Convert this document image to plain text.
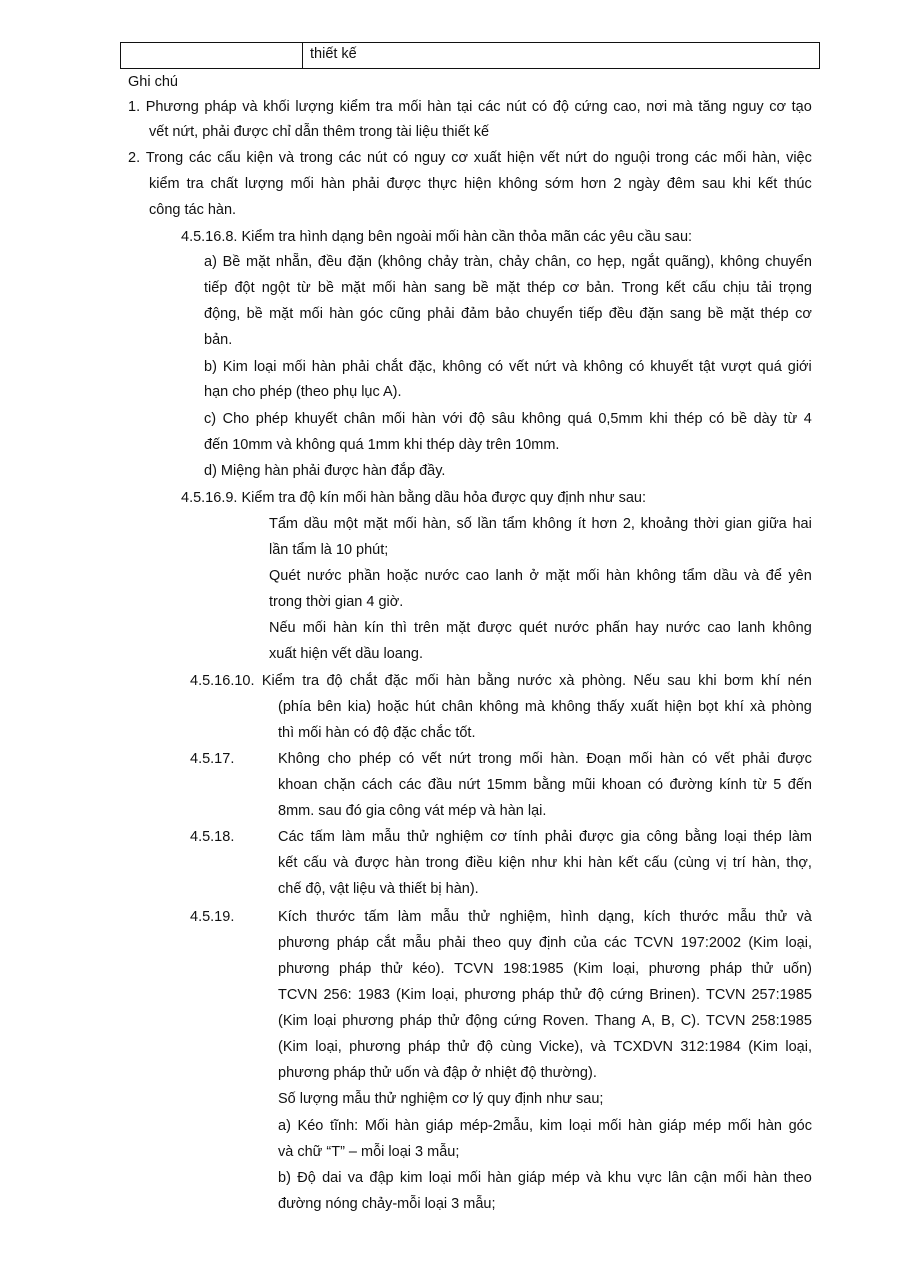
thiết kế
Ghi chú
1. Phương pháp và khối lượng kiểm tra mối hàn tại các nút có độ cứng cao, nơi mà tăng nguy cơ tạo
vết nứt, phải được chỉ dẫn thêm trong tài liệu thiết kế
2. Trong các cấu kiện và trong các nút có nguy cơ xuất hiện vết nứt do nguội trong các mối hàn, việc
kiểm tra chất lượng mối hàn phải được thực hiện không sớm hơn 2 ngày đêm sau khi kết thúc
công tác hàn.
4.5.16.8. Kiểm tra hình dạng bên ngoài mối hàn cần thỏa mãn các yêu cầu sau:
a) Bề mặt nhẵn, đều đặn (không chảy tràn, chảy chân, co hẹp, ngắt quãng), không chuyển
tiếp đột ngột từ bề mặt mối hàn sang bề mặt thép cơ bản. Trong kết cấu chịu tải trọng
động, bề mặt mối hàn góc cũng phải đảm bảo chuyển tiếp đều đặn sang bề mặt thép cơ
bản.
b) Kim loại mối hàn phải chắt đặc, không có vết nứt và không có khuyết tật vượt quá giới
hạn cho phép (theo phụ lục A).
c) Cho phép khuyết chân mối hàn với độ sâu không quá 0,5mm khi thép có bề dày từ 4
đến 10mm và không quá 1mm khi thép dày trên 10mm.
d) Miệng hàn phải được hàn đắp đầy.
4.5.16.9. Kiểm tra độ kín mối hàn bằng dầu hỏa được quy định như sau:
Tẩm dầu một mặt mối hàn, số lần tẩm không ít hơn 2, khoảng thời gian giữa hai
lần tẩm là 10 phút;
Quét nước phần hoặc nước cao lanh ở mặt mối hàn không tẩm dầu và để yên
trong thời gian 4 giờ.
Nếu mối hàn kín thì trên mặt được quét nước phấn hay nước cao lanh không
xuất hiện vết dầu loang.
4.5.16.10. Kiểm tra độ chắt đặc mối hàn bằng nước xà phòng. Nếu sau khi bơm khí nén
(phía bên kia) hoặc hút chân không mà không thấy xuất hiện bọt khí xà phòng
thì mối hàn có độ đặc chắc tốt.
4.5.17.	Không cho phép có vết nứt trong mối hàn. Đoạn mối hàn có vết phải được
khoan chặn cách các đầu nứt 15mm bằng mũi khoan có đường kính từ 5 đến
8mm. sau đó gia công vát mép và hàn lại.
4.5.18.	Các tấm làm mẫu thử nghiệm cơ tính phải được gia công bằng loại thép làm
kết cấu và được hàn trong điều kiện như khi hàn kết cấu (cùng vị trí hàn, thợ,
chế độ, vật liệu và thiết bị hàn).
4.5.19.	Kích thước tấm làm mẫu thử nghiệm, hình dạng, kích thước mẫu thử và
phương pháp cắt mẫu phải theo quy định của các TCVN 197:2002 (Kim loại,
phương pháp thử kéo). TCVN 198:1985 (Kim loại, phương pháp thử uốn)
TCVN 256: 1983 (Kim loại, phương pháp thử độ cứng Brinen). TCVN 257:1985
(Kim loại phương pháp thử động cứng Roven. Thang A, B, C). TCVN 258:1985
(Kim loại, phương pháp thử độ cùng Vicke), và TCXDVN 312:1984 (Kim loại,
phương pháp thử uốn và đập ở nhiệt độ thường).
Số lượng mẫu thử nghiệm cơ lý quy định như sau;
a) Kéo tĩnh: Mối hàn giáp mép-2mẫu, kim loại mối hàn giáp mép mối hàn góc
và chữ “T” – mỗi loại 3 mẫu;
b) Độ dai va đập kim loại mối hàn giáp mép và khu vực lân cận mối hàn theo
đường nóng chảy-mỗi loại 3 mẫu;
